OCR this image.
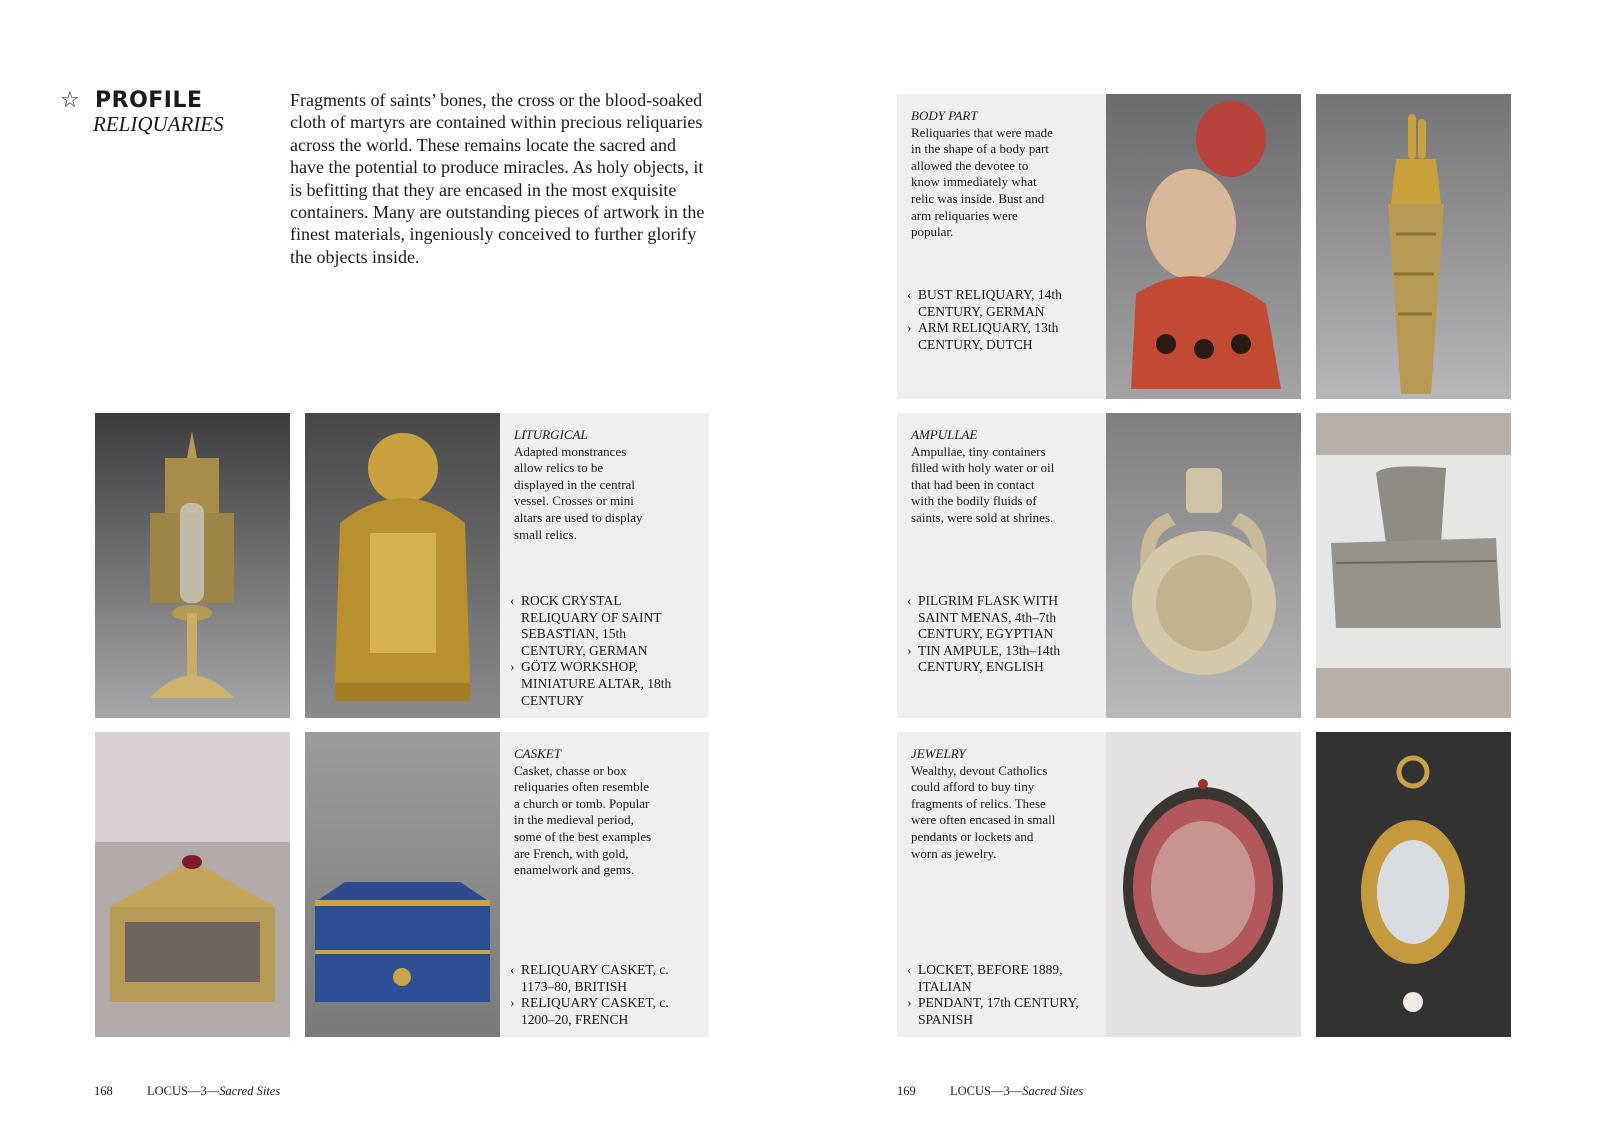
☆ PROFILE
RELIQUARIES
Fragments of saints’ bones, the cross or the blood-soaked cloth of martyrs are contained within precious reliquaries across the world. These remains locate the sacred and have the potential to produce miracles. As holy objects, it is befitting that they are encased in the most exquisite containers. Many are outstanding pieces of artwork in the finest materials, ingeniously conceived to further glorify the objects inside.
LITURGICAL
Adapted monstrances allow relics to be displayed in the central vessel. Crosses or mini altars are used to display small relics.
‹ ROCK CRYSTAL RELIQUARY OF SAINT SEBASTIAN, 15th CENTURY, GERMAN
› GÖTZ WORKSHOP, MINIATURE ALTAR, 18th CENTURY
CASKET
Casket, chasse or box reliquaries often resemble a church or tomb. Popular in the medieval period, some of the best examples are French, with gold, enamelwork and gems.
‹ RELIQUARY CASKET, c. 1173–80, BRITISH
› RELIQUARY CASKET, c. 1200–20, FRENCH
BODY PART
Reliquaries that were made in the shape of a body part allowed the devotee to know immediately what relic was inside. Bust and arm reliquaries were popular.
‹ BUST RELIQUARY, 14th CENTURY, GERMAN
› ARM RELIQUARY, 13th CENTURY, DUTCH
AMPULLAE
Ampullae, tiny containers filled with holy water or oil that had been in contact with the bodily fluids of saints, were sold at shrines.
‹ PILGRIM FLASK WITH SAINT MENAS, 4th–7th CENTURY, EGYPTIAN
› TIN AMPULE, 13th–14th CENTURY, ENGLISH
JEWELRY
Wealthy, devout Catholics could afford to buy tiny fragments of relics. These were often encased in small pendants or lockets and worn as jewelry.
‹ LOCKET, BEFORE 1889, ITALIAN
› PENDANT, 17th CENTURY, SPANISH
168	LOCUS—3—Sacred Sites	169	LOCUS—3—Sacred Sites
